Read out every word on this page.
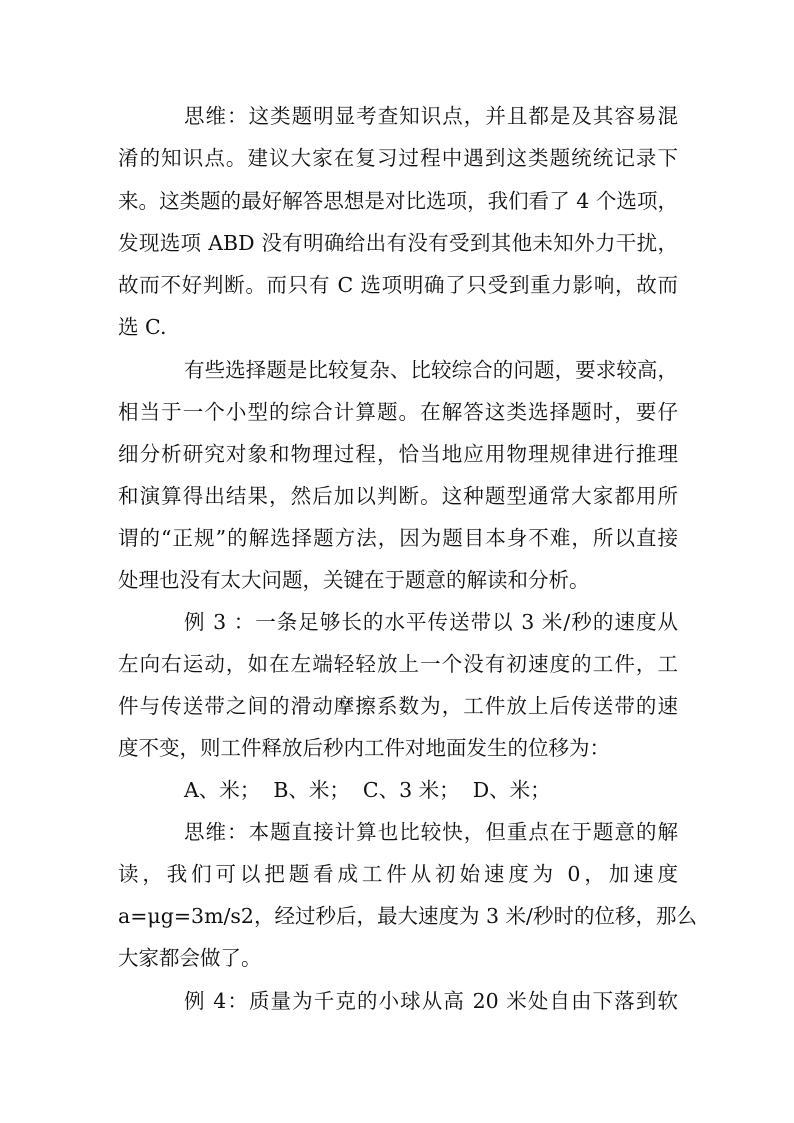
思维：这类题明显考查知识点，并且都是及其容易混
淆的知识点。建议大家在复习过程中遇到这类题统统记录下
来。这类题的最好解答思想是对比选项，我们看了 4 个选项，
发现选项 ABD 没有明确给出有没有受到其他未知外力干扰，
故而不好判断。而只有 C 选项明确了只受到重力影响，故而
选 C.
有些选择题是比较复杂、比较综合的问题，要求较高，
相当于一个小型的综合计算题。在解答这类选择题时，要仔
细分析研究对象和物理过程，恰当地应用物理规律进行推理
和演算得出结果，然后加以判断。这种题型通常大家都用所
谓的“正规”的解选择题方法，因为题目本身不难，所以直接
处理也没有太大问题，关键在于题意的解读和分析。
例 3 ：一条足够长的水平传送带以 3 米/秒的速度从
左向右运动，如在左端轻轻放上一个没有初速度的工件，工
件与传送带之间的滑动摩擦系数为，工件放上后传送带的速
度不变，则工件释放后秒内工件对地面发生的位移为：
A、米；  B、米；  C、3 米；  D、米；
思维：本题直接计算也比较快，但重点在于题意的解
读，我们可以把题看成工件从初始速度为 0，加速度
a=μg=3m/s2，经过秒后，最大速度为 3 米/秒时的位移，那么
大家都会做了。
例 4：质量为千克的小球从高 20 米处自由下落到软
